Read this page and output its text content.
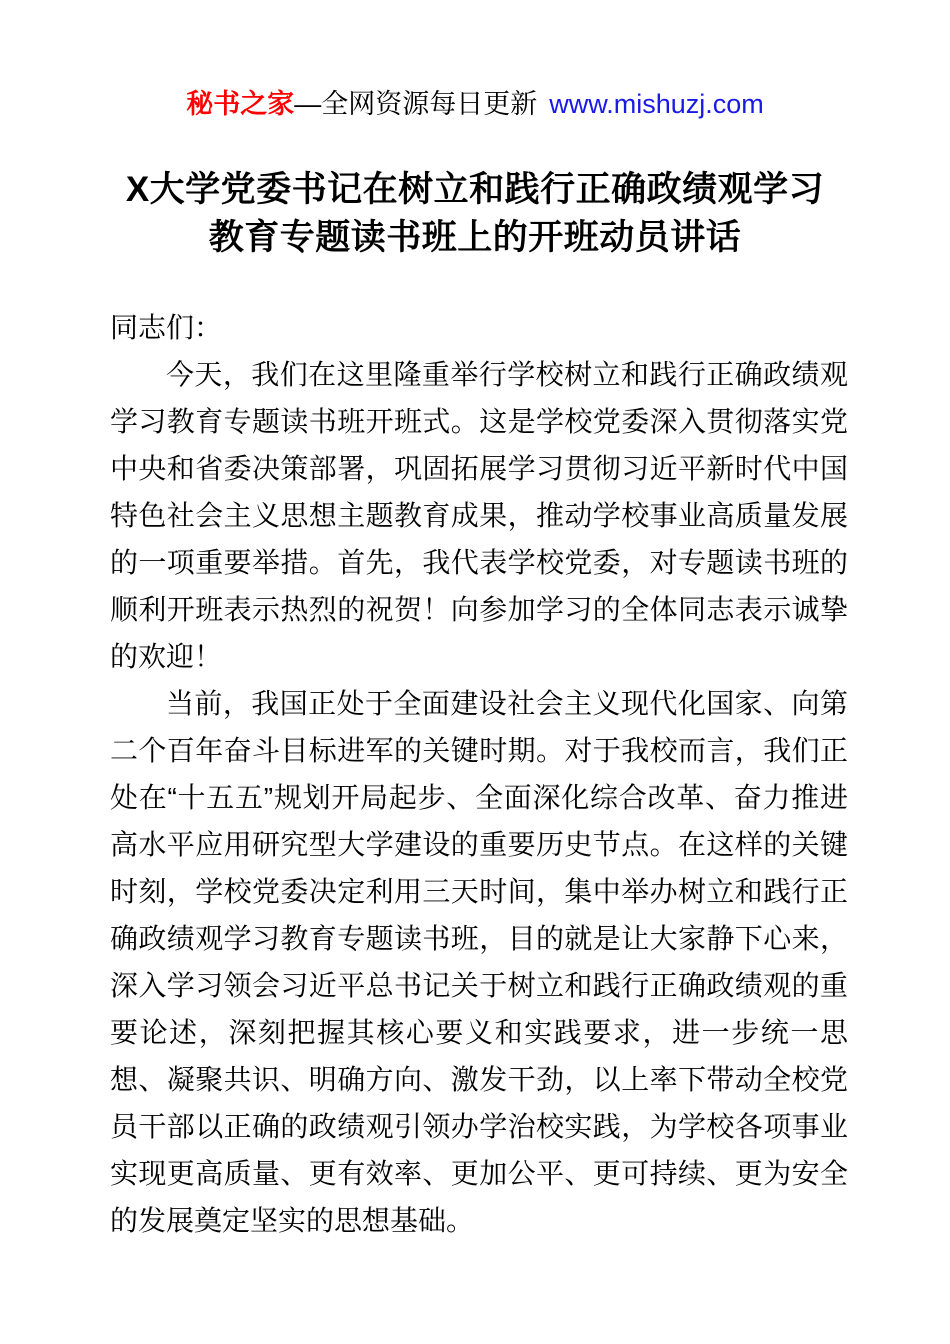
秘书之家—全网资源每日更新 www.mishuzj.com
X大学党委书记在树立和践行正确政绩观学习教育专题读书班上的开班动员讲话

同志们：

今天，我们在这里隆重举行学校树立和践行正确政绩观学习教育专题读书班开班式。这是学校党委深入贯彻落实党中央和省委决策部署，巩固拓展学习贯彻习近平新时代中国特色社会主义思想主题教育成果，推动学校事业高质量发展的一项重要举措。首先，我代表学校党委，对专题读书班的顺利开班表示热烈的祝贺！向参加学习的全体同志表示诚挚的欢迎！

当前，我国正处于全面建设社会主义现代化国家、向第二个百年奋斗目标进军的关键时期。对于我校而言，我们正处在“十五五”规划开局起步、全面深化综合改革、奋力推进高水平应用研究型大学建设的重要历史节点。在这样的关键时刻，学校党委决定利用三天时间，集中举办树立和践行正确政绩观学习教育专题读书班，目的就是让大家静下心来，深入学习领会习近平总书记关于树立和践行正确政绩观的重要论述，深刻把握其核心要义和实践要求，进一步统一思想、凝聚共识、明确方向、激发干劲，以上率下带动全校党员干部以正确的政绩观引领办学治校实践，为学校各项事业实现更高质量、更有效率、更加公平、更可持续、更为安全的发展奠定坚实的思想基础。
